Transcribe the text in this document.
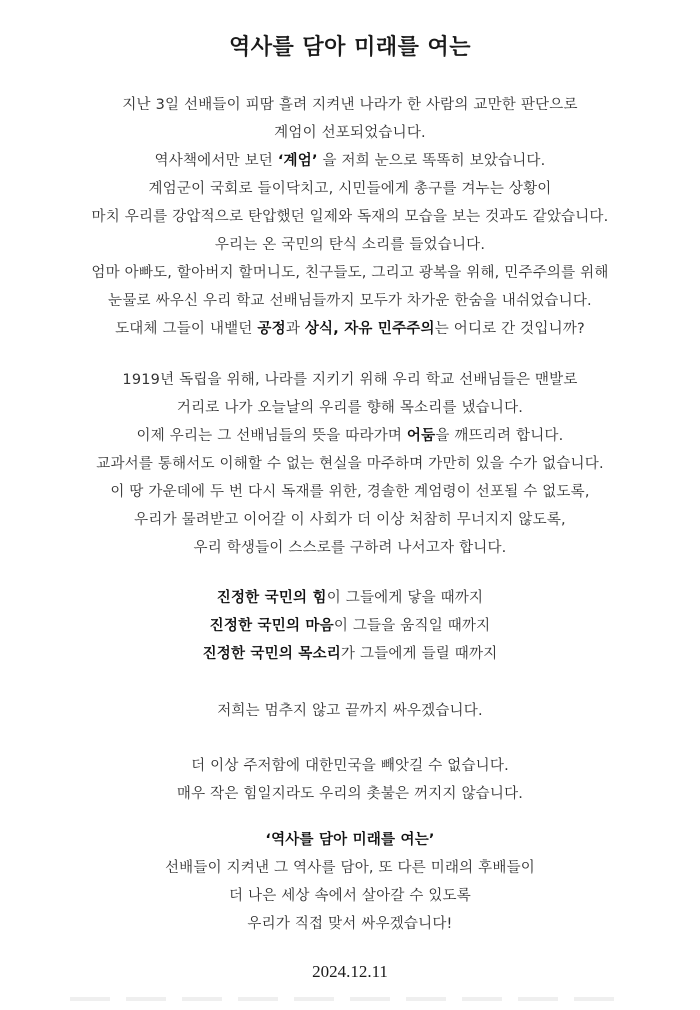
역사를 담아 미래를 여는
지난 3일 선배들이 피땀 흘려 지켜낸 나라가 한 사람의 교만한 판단으로
계엄이 선포되었습니다.
역사책에서만 보던 ‘계엄’ 을 저희 눈으로 똑똑히 보았습니다.
계엄군이 국회로 들이닥치고, 시민들에게 총구를 겨누는 상황이
마치 우리를 강압적으로 탄압했던 일제와 독재의 모습을 보는 것과도 같았습니다.
우리는 온 국민의 탄식 소리를 들었습니다.
엄마 아빠도, 할아버지 할머니도, 친구들도, 그리고 광복을 위해, 민주주의를 위해
눈물로 싸우신 우리 학교 선배님들까지 모두가 차가운 한숨을 내쉬었습니다.
도대체 그들이 내뱉던 공정과 상식, 자유 민주주의는 어디로 간 것입니까?
1919년 독립을 위해, 나라를 지키기 위해 우리 학교 선배님들은 맨발로
거리로 나가 오늘날의 우리를 향해 목소리를 냈습니다.
이제 우리는 그 선배님들의 뜻을 따라가며 어둠을 깨뜨리려 합니다.
교과서를 통해서도 이해할 수 없는 현실을 마주하며 가만히 있을 수가 없습니다.
이 땅 가운데에 두 번 다시 독재를 위한, 경솔한 계엄령이 선포될 수 없도록,
우리가 물려받고 이어갈 이 사회가 더 이상 처참히 무너지지 않도록,
우리 학생들이 스스로를 구하려 나서고자 합니다.
진정한 국민의 힘이 그들에게 닿을 때까지
진정한 국민의 마음이 그들을 움직일 때까지
진정한 국민의 목소리가 그들에게 들릴 때까지
저희는 멈추지 않고 끝까지 싸우겠습니다.
더 이상 주저함에 대한민국을 빼앗길 수 없습니다.
매우 작은 힘일지라도 우리의 촛불은 꺼지지 않습니다.
‘역사를 담아 미래를 여는’
선배들이 지켜낸 그 역사를 담아, 또 다른 미래의 후배들이
더 나은 세상 속에서 살아갈 수 있도록
우리가 직접 맞서 싸우겠습니다!
2024.12.11
